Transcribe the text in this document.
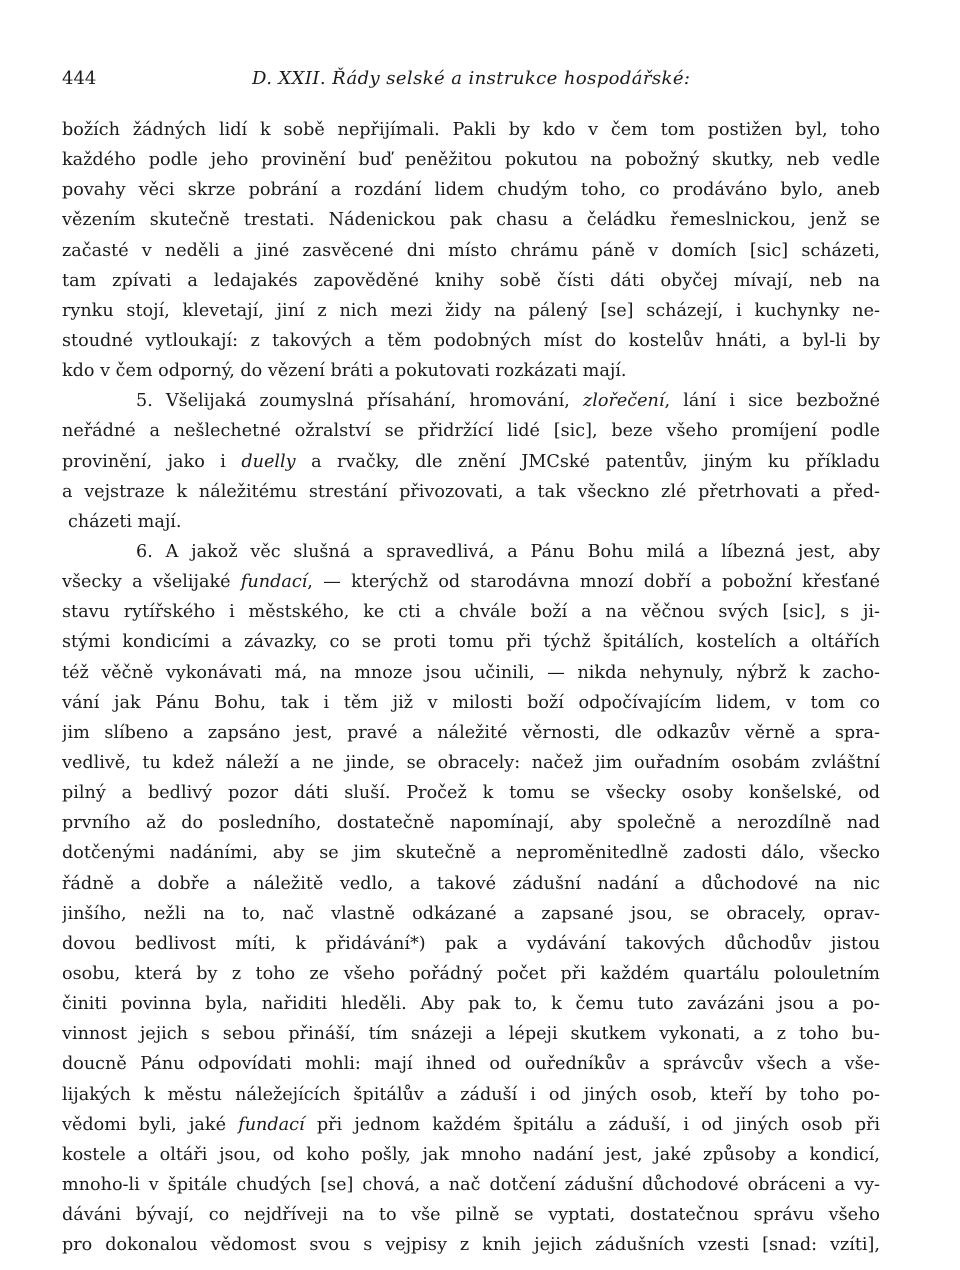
444	D. XXII. Řády selské a instrukce hospodářské:
božích žádných lidí k sobě nepřijímali. Pakli by kdo v čem tom postižen byl, toho
každého podle jeho provinění buď peněžitou pokutou na pobožný skutky, neb vedle
povahy věci skrze pobrání a rozdání lidem chudým toho, co prodáváno bylo, aneb
vězením skutečně trestati. Nádenickou pak chasu a čeládku řemeslnickou, jenž se
začasté v neděli a jiné zasvěcené dni místo chrámu páně v domích [sic] scházeti,
tam zpívati a ledajakés zapověděné knihy sobě čísti dáti obyčej mívají, neb na
rynku stojí, klevetají, jiní z nich mezi židy na pálený [se] scházejí, i kuchynky ne-
stoudné vytloukají: z takových a těm podobných míst do kostelův hnáti, a byl-li by
kdo v čem odporný, do vězení bráti a pokutovati rozkázati mají.
5. Všelijaká zoumyslná přísahání, hromování, zlořečení, lání i sice bezbožné
neřádné a nešlechetné ožralství se přidržící lidé [sic], beze všeho promíjení podle
provinění, jako i duelly a rvačky, dle znění JMCské patentův, jiným ku příkladu
a vejstraze k náležitému strestání přivozovati, a tak všeckno zlé přetrhovati a před-
cházeti mají.
6. A jakož věc slušná a spravedlivá, a Pánu Bohu milá a líbezná jest, aby
všecky a všelijaké fundací, — kterýchž od starodávna mnozí dobří a pobožní křesťané
stavu rytířského i městského, ke cti a chvále boží a na věčnou svých [sic], s ji-
stými kondicími a závazky, co se proti tomu při týchž špitálích, kostelích a oltářích
též věčně vykonávati má, na mnoze jsou učinili, — nikda nehynuly, nýbrž k zacho-
vání jak Pánu Bohu, tak i těm již v milosti boží odpočívajícím lidem, v tom co
jim slíbeno a zapsáno jest, pravé a náležité věrnosti, dle odkazův věrně a spra-
vedlivě, tu kdež náleží a ne jinde, se obracely: načež jim ouřadním osobám zvláštní
pilný a bedlivý pozor dáti sluší. Pročež k tomu se všecky osoby konšelské, od
prvního až do posledního, dostatečně napomínají, aby společně a nerozdílně nad
dotčenými nadáními, aby se jim skutečně a neproměnitedlně zadosti dálo, všecko
řádně a dobře a náležitě vedlo, a takové zádušní nadání a důchodové na nic
jinšího, nežli na to, nač vlastně odkázané a zapsané jsou, se obracely, oprav-
dovou bedlivost míti, k přidávání*) pak a vydávání takových důchodův jistou
osobu, která by z toho ze všeho pořádný počet při každém quartálu polouletním
činiti povinna byla, nařiditi hleděli. Aby pak to, k čemu tuto zavázáni jsou a po-
vinnost jejich s sebou přináší, tím snázeji a lépeji skutkem vykonati, a z toho bu-
doucně Pánu odpovídati mohli: mají ihned od ouředníkův a správcův všech a vše-
lijakých k městu náležejících špitálův a záduší i od jiných osob, kteří by toho po-
vědomi byli, jaké fundací při jednom každém špitálu a záduší, i od jiných osob při
kostele a oltáři jsou, od koho pošly, jak mnoho nadání jest, jaké způsoby a kondicí,
mnoho-li v špitále chudých [se] chová, a nač dotčení zádušní důchodové obráceni a vy-
dáváni bývají, co nejdříveji na to vše pilně se vyptati, dostatečnou správu všeho
pro dokonalou vědomost svou s vejpisy z knih jejich zádušních vzesti [snad: vzíti],
